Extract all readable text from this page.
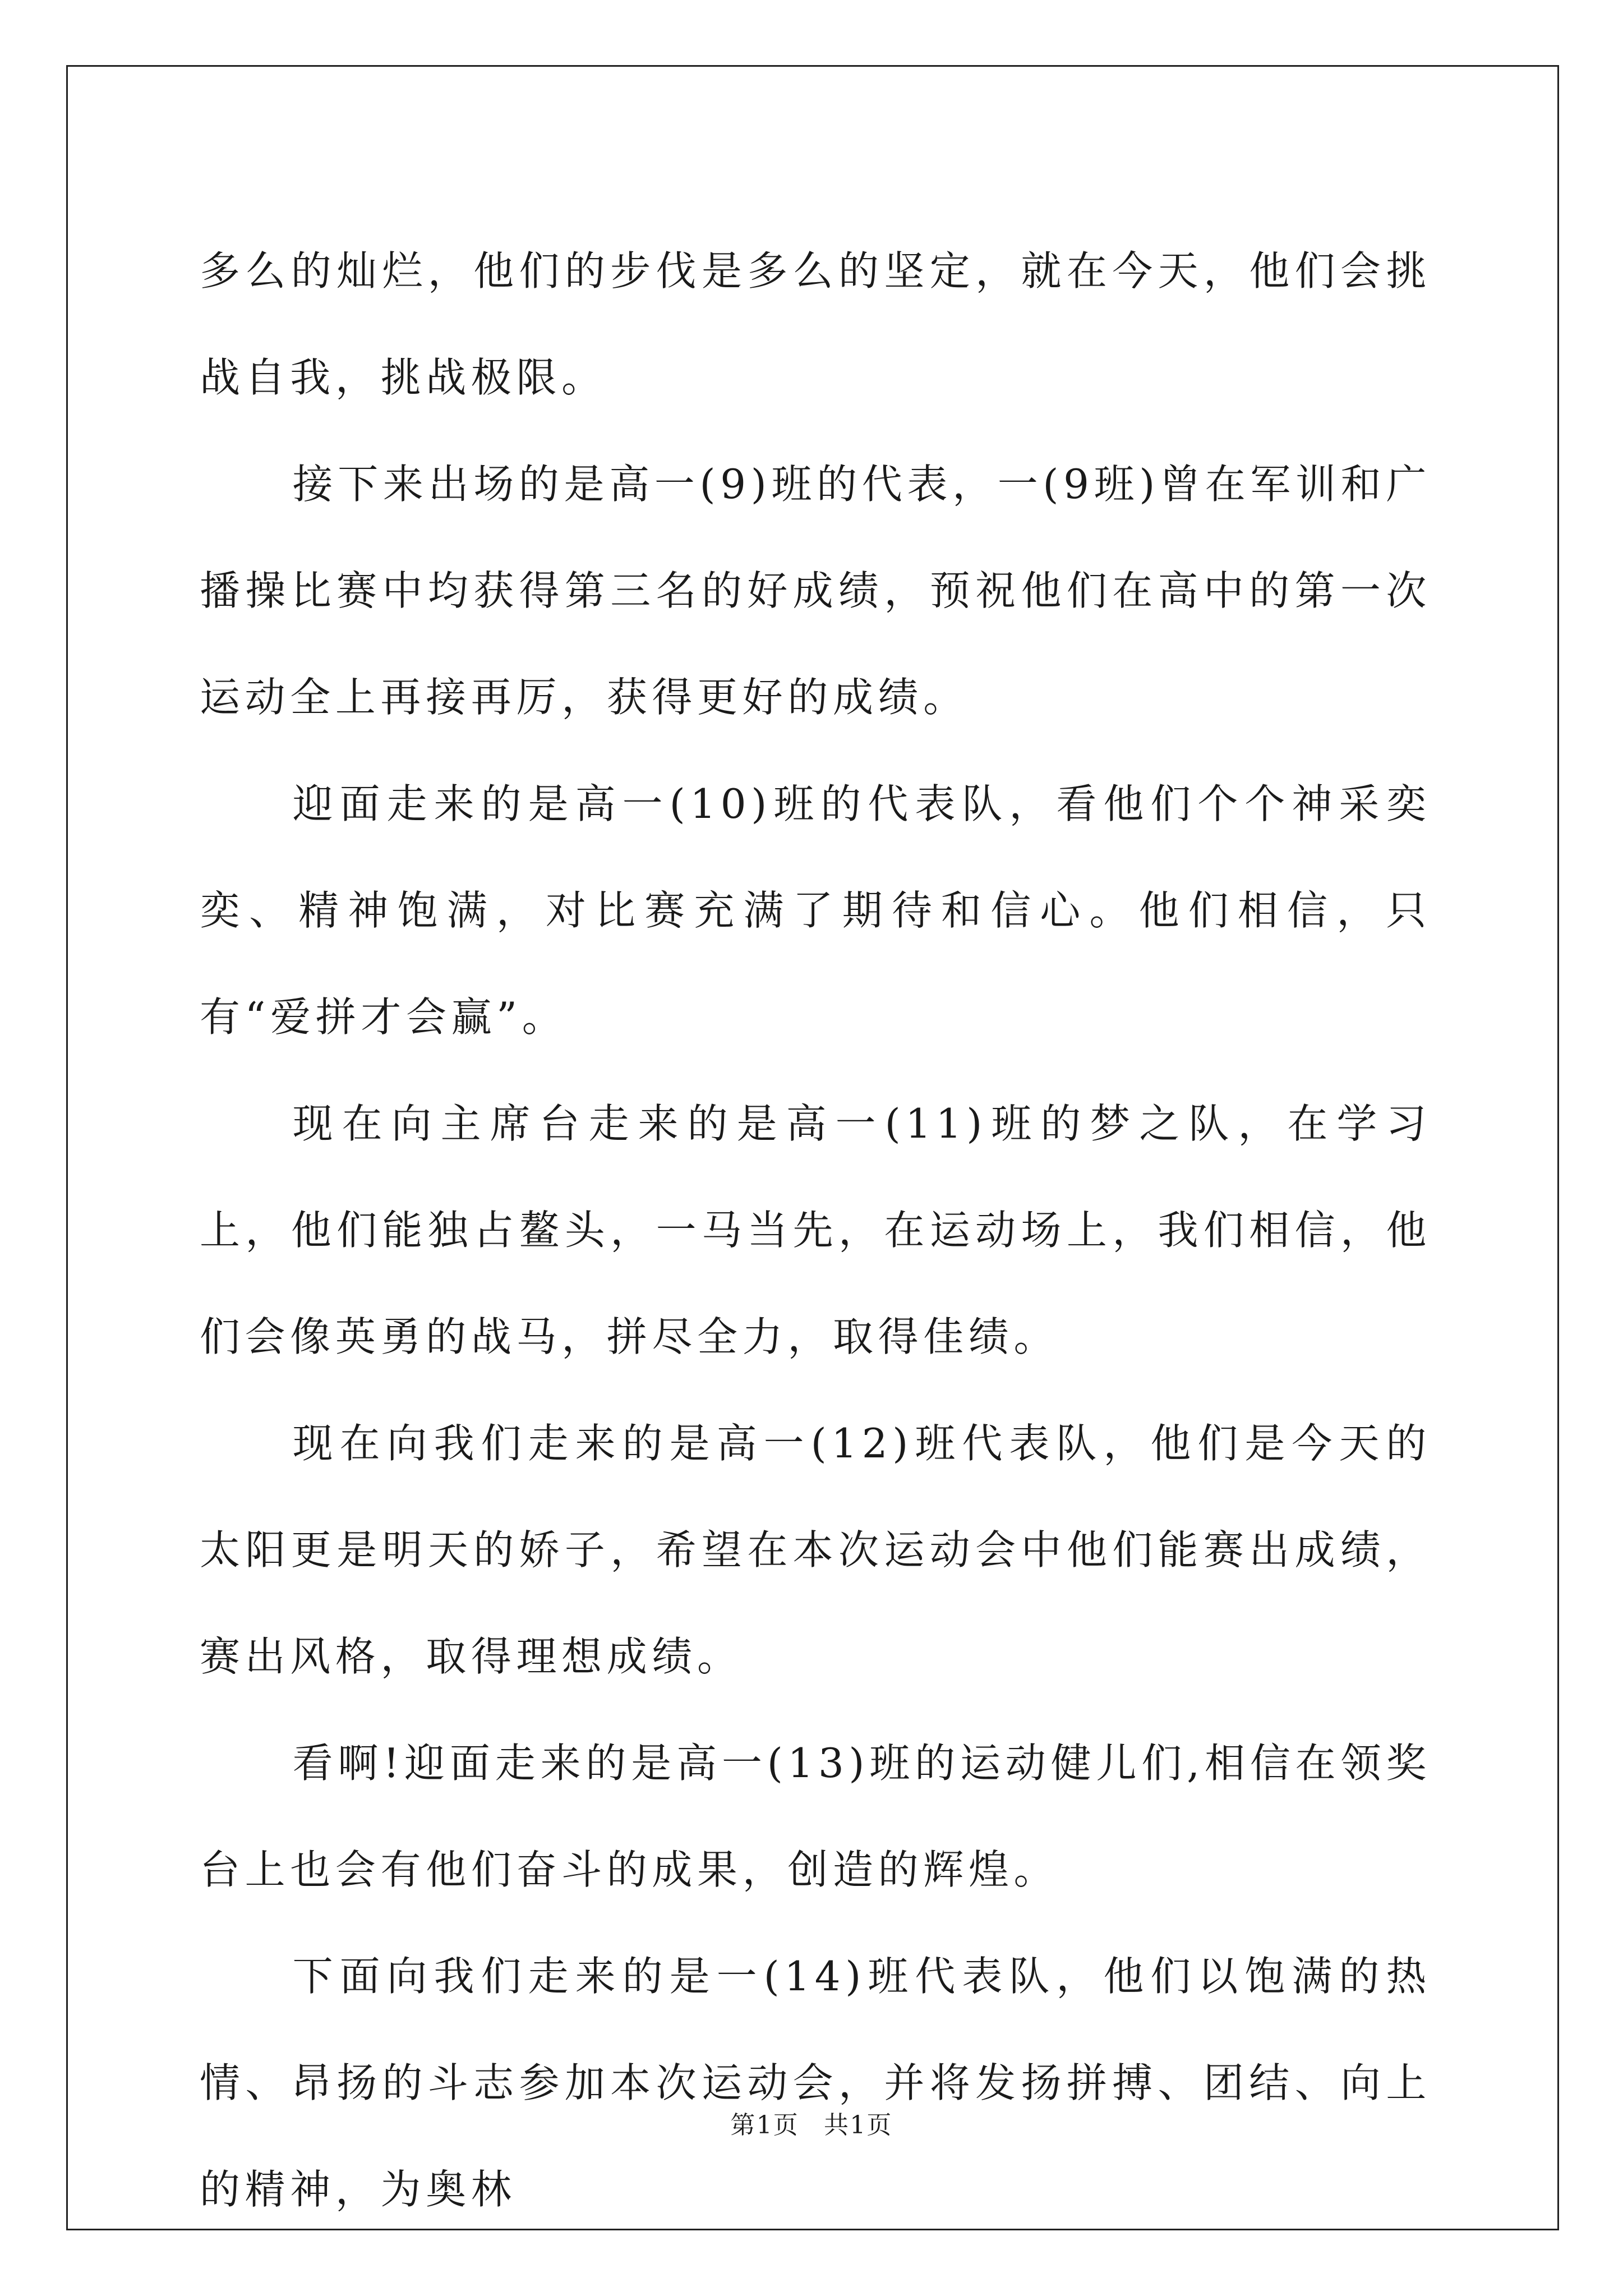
多么的灿烂，他们的步伐是多么的坚定，就在今天，他们会挑战自我，挑战极限。

接下来出场的是高一(9)班的代表，一(9班)曾在军训和广播操比赛中均获得第三名的好成绩，预祝他们在高中的第一次运动全上再接再厉，获得更好的成绩。

迎面走来的是高一(10)班的代表队，看他们个个神采奕奕、精神饱满，对比赛充满了期待和信心。他们相信，只有“爱拼才会赢”。

现在向主席台走来的是高一(11)班的梦之队，在学习上，他们能独占鳌头，一马当先，在运动场上，我们相信，他们会像英勇的战马，拼尽全力，取得佳绩。

现在向我们走来的是高一(12)班代表队，他们是今天的太阳更是明天的娇子，希望在本次运动会中他们能赛出成绩，赛出风格，取得理想成绩。

看啊!迎面走来的是高一(13)班的运动健儿们,相信在领奖台上也会有他们奋斗的成果，创造的辉煌。

下面向我们走来的是一(14)班代表队，他们以饱满的热情、昂扬的斗志参加本次运动会，并将发扬拼搏、团结、向上的精神，为奥林

第1页 共1页
